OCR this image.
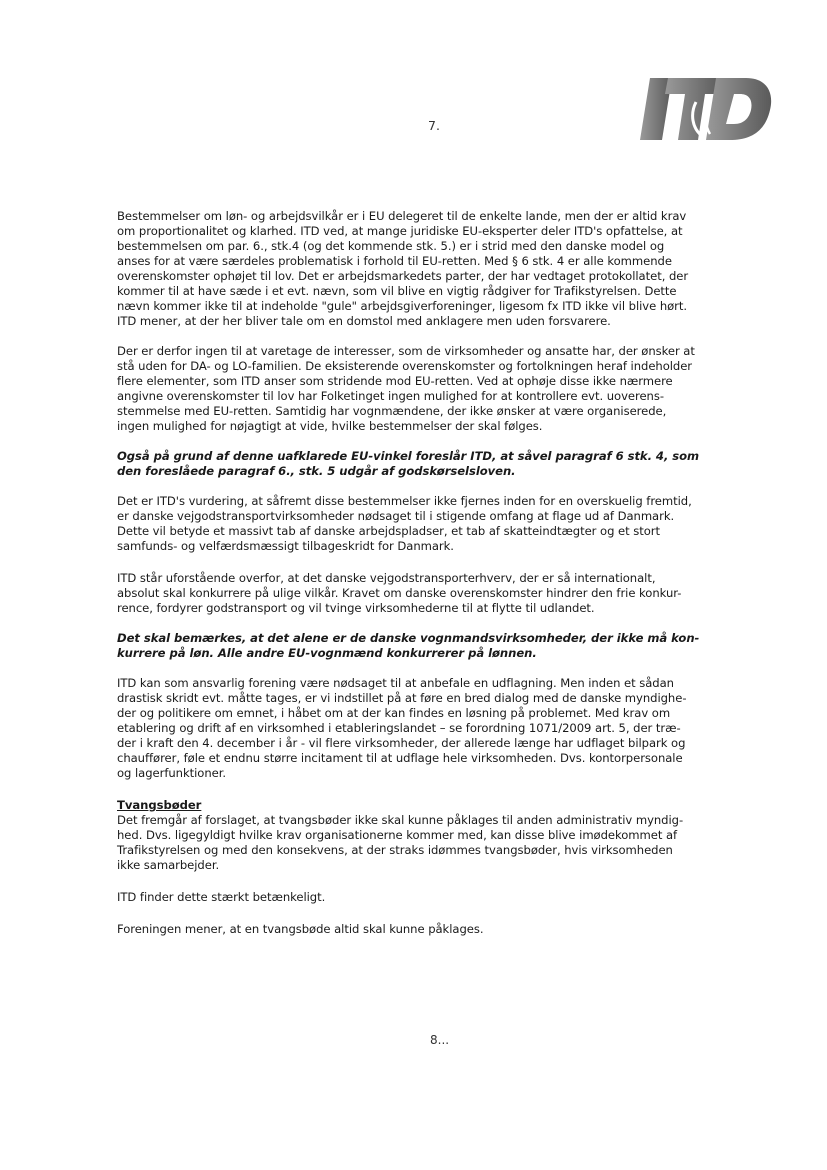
7.

Bestemmelser om løn- og arbejdsvilkår er i EU delegeret til de enkelte lande, men der er altid krav
om proportionalitet og klarhed. ITD ved, at mange juridiske EU-eksperter deler ITD's opfattelse, at
bestemmelsen om par. 6., stk.4 (og det kommende stk. 5.) er i strid med den danske model og
anses for at være særdeles problematisk i forhold til EU-retten. Med § 6 stk. 4 er alle kommende
overenskomster ophøjet til lov. Det er arbejdsmarkedets parter, der har vedtaget protokollatet, der
kommer til at have sæde i et evt. nævn, som vil blive en vigtig rådgiver for Trafikstyrelsen. Dette
nævn kommer ikke til at indeholde "gule" arbejdsgiverforeninger, ligesom fx ITD ikke vil blive hørt.
ITD mener, at der her bliver tale om en domstol med anklagere men uden forsvarere.

Der er derfor ingen til at varetage de interesser, som de virksomheder og ansatte har, der ønsker at
stå uden for DA- og LO-familien. De eksisterende overenskomster og fortolkningen heraf indeholder
flere elementer, som ITD anser som stridende mod EU-retten. Ved at ophøje disse ikke nærmere
angivne overenskomster til lov har Folketinget ingen mulighed for at kontrollere evt. uoverens-
stemmelse med EU-retten. Samtidig har vognmændene, der ikke ønsker at være organiserede,
ingen mulighed for nøjagtigt at vide, hvilke bestemmelser der skal følges.

Også på grund af denne uafklarede EU-vinkel foreslår ITD, at såvel paragraf 6 stk. 4, som
den foreslåede paragraf 6., stk. 5 udgår af godskørselsloven.

Det er ITD's vurdering, at såfremt disse bestemmelser ikke fjernes inden for en overskuelig fremtid,
er danske vejgodstransportvirksomheder nødsaget til i stigende omfang at flage ud af Danmark.
Dette vil betyde et massivt tab af danske arbejdspladser, et tab af skatteindtægter og et stort
samfunds- og velfærdsmæssigt tilbageskridt for Danmark.

ITD står uforstående overfor, at det danske vejgodstransporterhverv, der er så internationalt,
absolut skal konkurrere på ulige vilkår. Kravet om danske overenskomster hindrer den frie konkur-
rence, fordyrer godstransport og vil tvinge virksomhederne til at flytte til udlandet.

Det skal bemærkes, at det alene er de danske vognmandsvirksomheder, der ikke må kon-
kurrere på løn. Alle andre EU-vognmænd konkurrerer på lønnen.

ITD kan som ansvarlig forening være nødsaget til at anbefale en udflagning. Men inden et sådan
drastisk skridt evt. måtte tages, er vi indstillet på at føre en bred dialog med de danske myndighe-
der og politikere om emnet, i håbet om at der kan findes en løsning på problemet. Med krav om
etablering og drift af en virksomhed i etableringslandet – se forordning 1071/2009 art. 5, der træ-
der i kraft den 4. december i år - vil flere virksomheder, der allerede længe har udflaget bilpark og
chauffører, føle et endnu større incitament til at udflage hele virksomheden. Dvs. kontorpersonale
og lagerfunktioner.

Tvangsbøder
Det fremgår af forslaget, at tvangsbøder ikke skal kunne påklages til anden administrativ myndig-
hed. Dvs. ligegyldigt hvilke krav organisationerne kommer med, kan disse blive imødekommet af
Trafikstyrelsen og med den konsekvens, at der straks idømmes tvangsbøder, hvis virksomheden
ikke samarbejder.

ITD finder dette stærkt betænkeligt.

Foreningen mener, at en tvangsbøde altid skal kunne påklages.

8...
